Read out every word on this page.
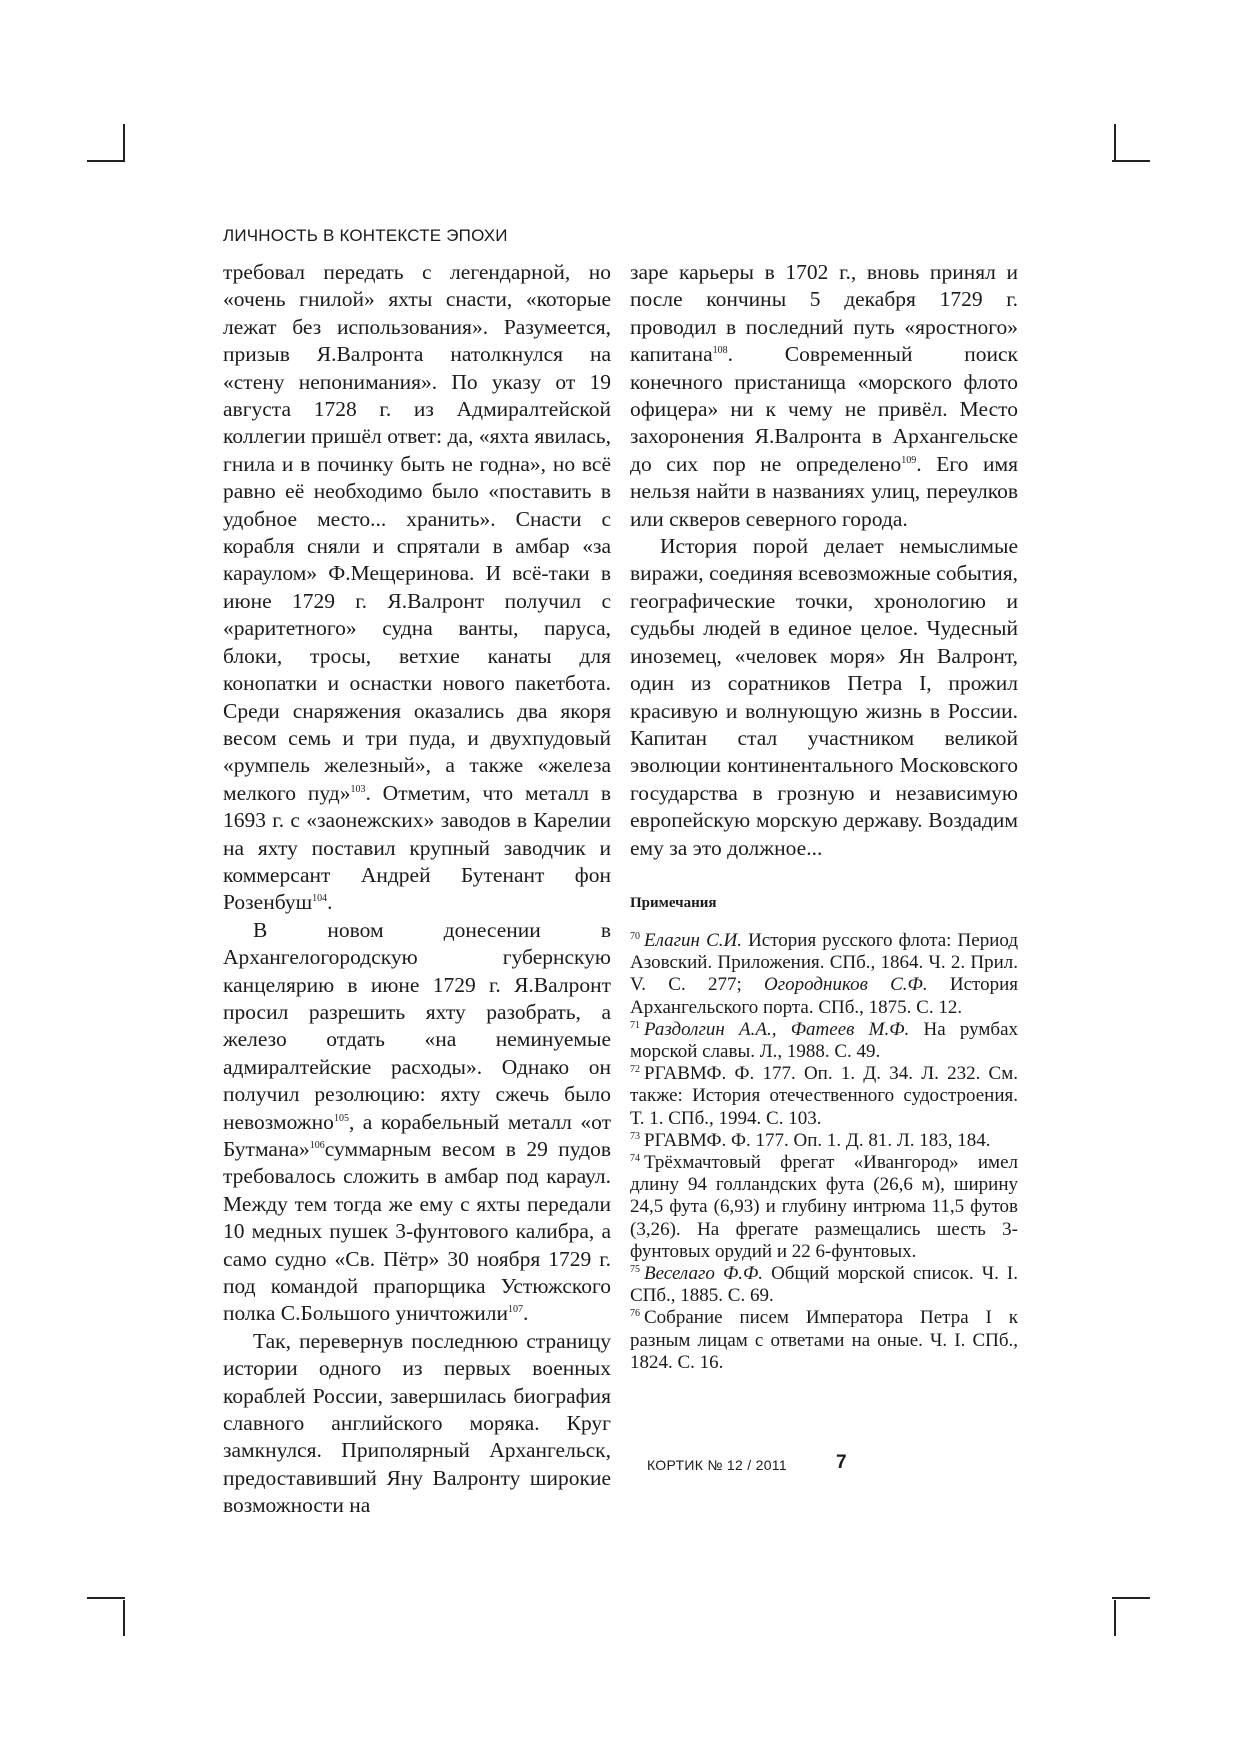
ЛИЧНОСТЬ В КОНТЕКСТЕ ЭПОХИ

требовал передать с легендарной, но «очень гнилой» яхты снасти, «которые лежат без использования». Разумеется, призыв Я.Валронта натолкнулся на «стену непонимания». По указу от 19 августа 1728 г. из Адмиралтейской коллегии пришёл ответ: да, «яхта явилась, гнила и в починку быть не годна», но всё равно её необходимо было «поставить в удобное место... хранить». Снасти с корабля сняли и спрятали в амбар «за караулом» Ф.Мещеринова. И всё-таки в июне 1729 г. Я.Валронт получил с «раритетного» судна ванты, паруса, блоки, тросы, ветхие канаты для конопатки и оснастки нового пакетбота. Среди снаряжения оказались два якоря весом семь и три пуда, и двухпудовый «румпель железный», а также «железа мелкого пуд»$^{103}$. Отметим, что металл в 1693 г. с «заонежских» заводов в Карелии на яхту поставил крупный заводчик и коммерсант Андрей Бутенант фон Розенбуш$^{104}$.

В новом донесении в Архангелогородскую губернскую канцелярию в июне 1729 г. Я.Валронт просил разрешить яхту разобрать, а железо отдать «на неминуемые адмиралтейские расходы». Однако он получил резолюцию: яхту сжечь было невозможно$^{105}$, а корабельный металл «от Бутмана»$^{106}$суммарным весом в 29 пудов требовалось сложить в амбар под караул. Между тем тогда же ему с яхты передали 10 медных пушек 3-фунтового калибра, а само судно «Св. Пётр» 30 ноября 1729 г. под командой прапорщика Устюжского полка С.Большого уничтожили$^{107}$.

Так, перевернув последнюю страницу истории одного из первых военных кораблей России, завершилась биография славного английского моряка. Круг замкнулся. Приполярный Архангельск, предоставивший Яну Валронту широкие возможности на

заре карьеры в 1702 г., вновь принял и после кончины 5 декабря 1729 г. проводил в последний путь «яростного» капитана$^{108}$. Современный поиск конечного пристанища «морского флото офицера» ни к чему не привёл. Место захоронения Я.Валронта в Архангельске до сих пор не определено$^{109}$. Его имя нельзя найти в названиях улиц, переулков или скверов северного города.

История порой делает немыслимые виражи, соединяя всевозможные события, географические точки, хронологию и судьбы людей в единое целое. Чудесный иноземец, «человек моря» Ян Валронт, один из соратников Петра I, прожил красивую и волнующую жизнь в России. Капитан стал участником великой эволюции континентального Московского государства в грозную и независимую европейскую морскую державу. Воздадим ему за это должное...

Примечания

$^{70}$ Елагин С.И. История русского флота: Период Азовский. Приложения. СПб., 1864. Ч. 2. Прил. V. С. 277; Огородников С.Ф. История Архангельского порта. СПб., 1875. С. 12.

$^{71}$ Раздолгин А.А., Фатеев М.Ф. На румбах морской славы. Л., 1988. С. 49.

$^{72}$ РГАВМФ. Ф. 177. Оп. 1. Д. 34. Л. 232. См. также: История отечественного судостроения. Т. 1. СПб., 1994. С. 103.

$^{73}$ РГАВМФ. Ф. 177. Оп. 1. Д. 81. Л. 183, 184.

$^{74}$ Трёхмачтовый фрегат «Ивангород» имел длину 94 голландских фута (26,6 м), ширину 24,5 фута (6,93) и глубину интрюма 11,5 футов (3,26). На фрегате размещались шесть 3-фунтовых орудий и 22 6-фунтовых.

$^{75}$ Веселаго Ф.Ф. Общий морской список. Ч. I. СПб., 1885. С. 69.

$^{76}$ Собрание писем Императора Петра I к разным лицам с ответами на оные. Ч. I. СПб., 1824. С. 16.

КОРТИК № 12 / 2011	7
